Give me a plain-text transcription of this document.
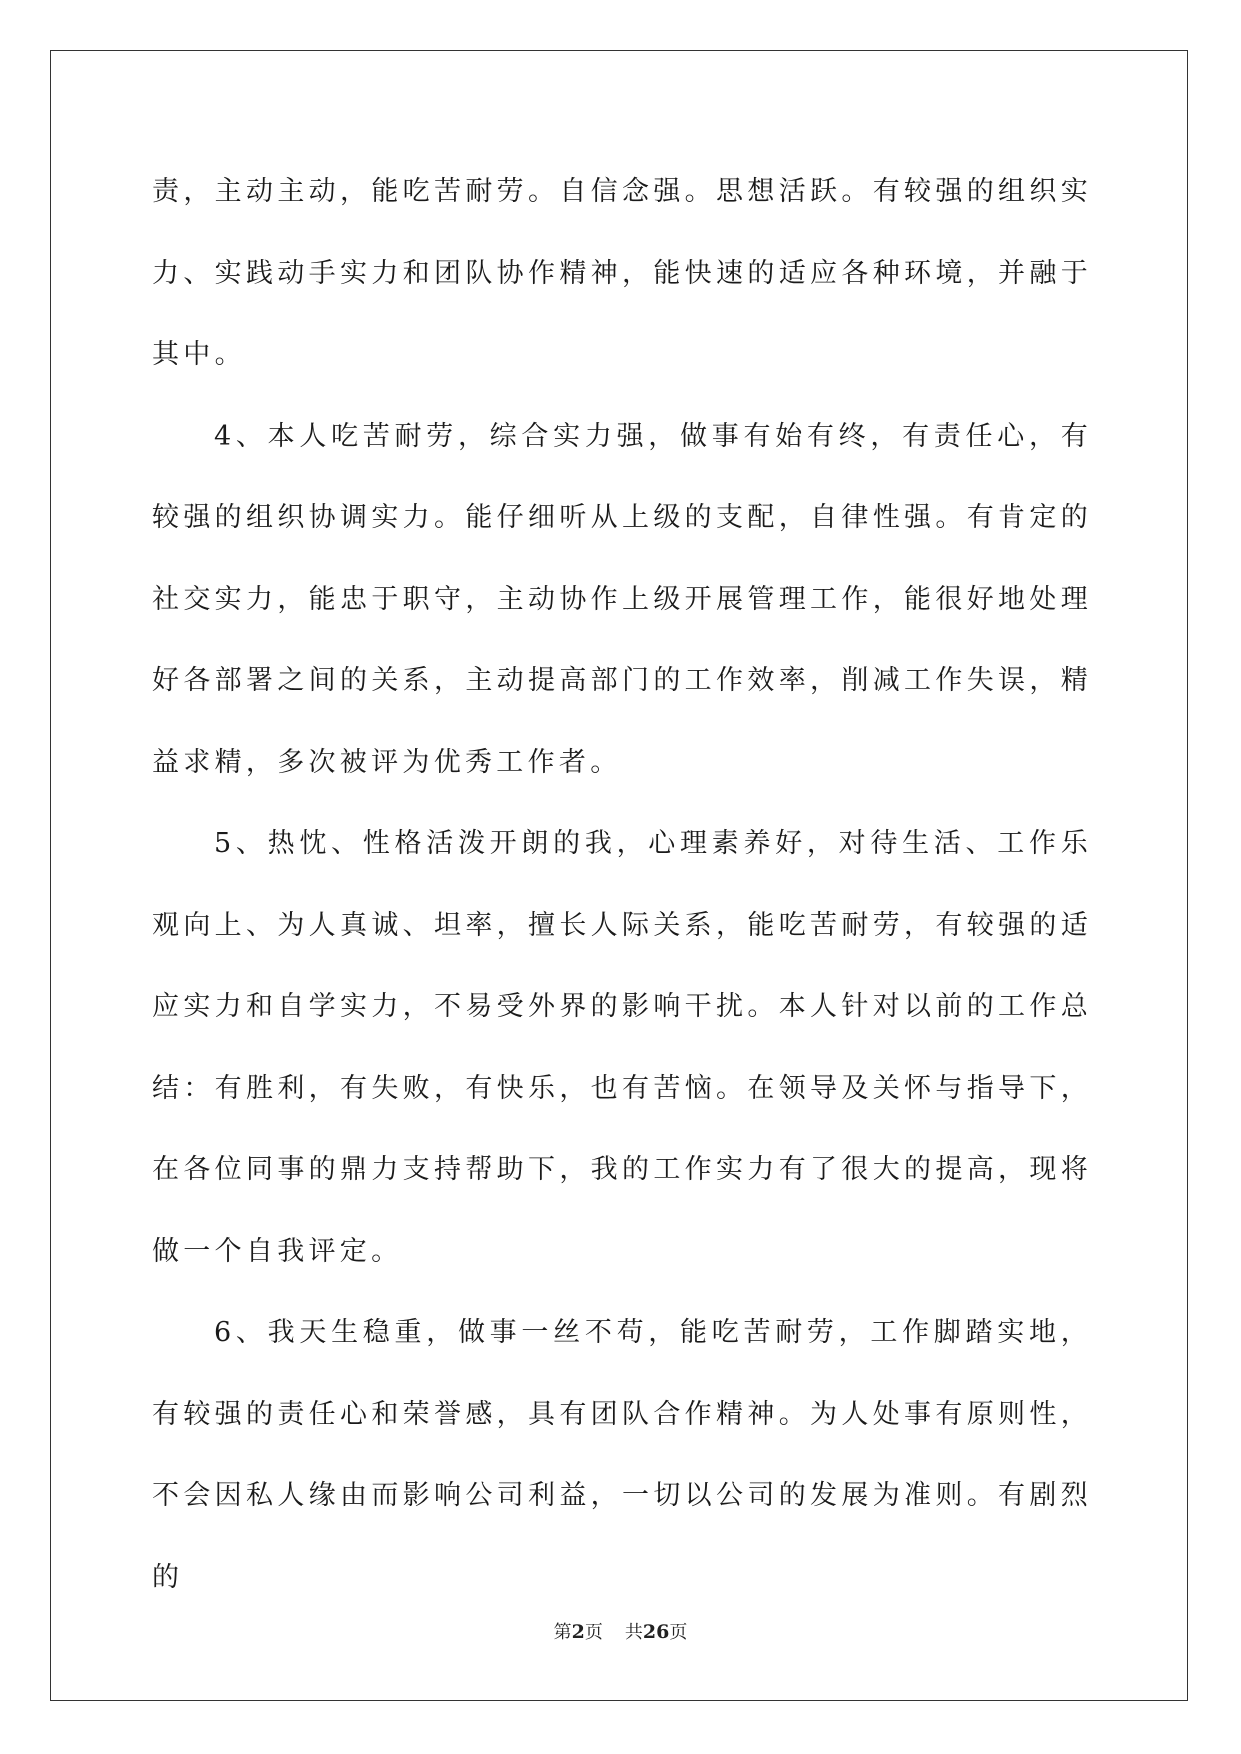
责，主动主动，能吃苦耐劳。自信念强。思想活跃。有较强的组织实力、实践动手实力和团队协作精神，能快速的适应各种环境，并融于其中。

4、本人吃苦耐劳，综合实力强，做事有始有终，有责任心，有较强的组织协调实力。能仔细听从上级的支配，自律性强。有肯定的社交实力，能忠于职守，主动协作上级开展管理工作，能很好地处理好各部署之间的关系，主动提高部门的工作效率，削减工作失误，精益求精，多次被评为优秀工作者。

5、热忱、性格活泼开朗的我，心理素养好，对待生活、工作乐观向上、为人真诚、坦率，擅长人际关系，能吃苦耐劳，有较强的适应实力和自学实力，不易受外界的影响干扰。本人针对以前的工作总结：有胜利，有失败，有快乐，也有苦恼。在领导及关怀与指导下，在各位同事的鼎力支持帮助下，我的工作实力有了很大的提高，现将做一个自我评定。

6、我天生稳重，做事一丝不苟，能吃苦耐劳，工作脚踏实地，有较强的责任心和荣誉感，具有团队合作精神。为人处事有原则性，不会因私人缘由而影响公司利益，一切以公司的发展为准则。有剧烈的

第2页 共26页
